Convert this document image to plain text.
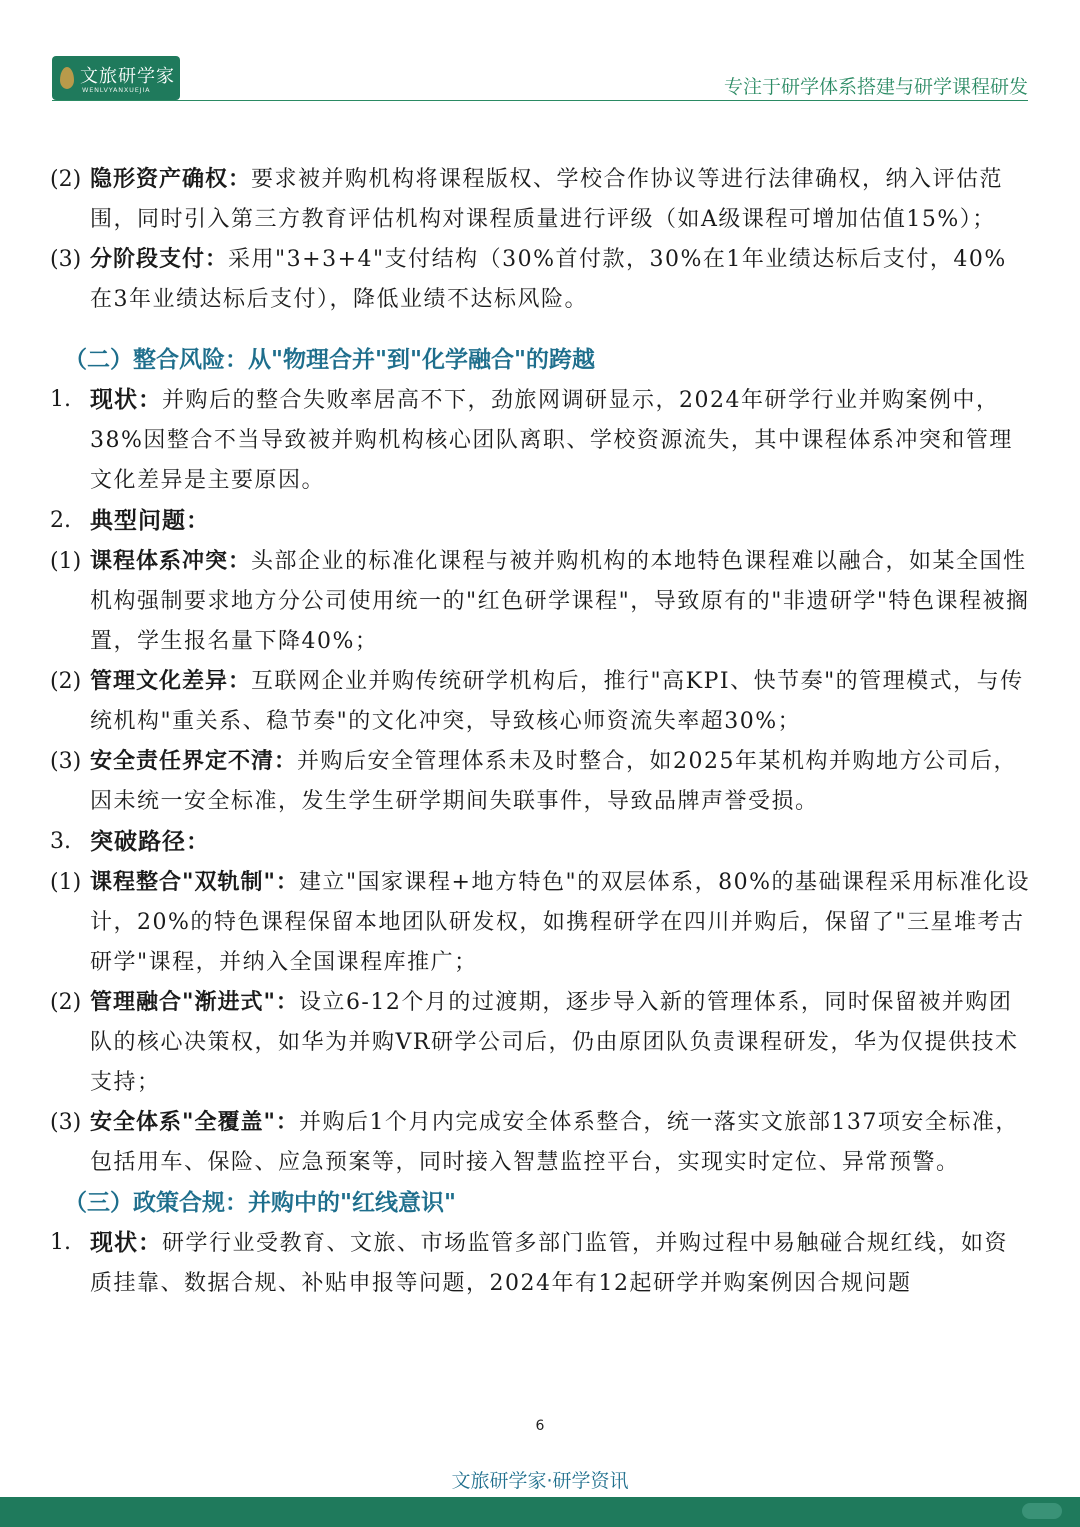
文旅研学家
WENLVYANXUEJIA	专注于研学体系搭建与研学课程研发
(2) 隐形资产确权：要求被并购机构将课程版权、学校合作协议等进行法律确权，纳入评估范围，同时引入第三方教育评估机构对课程质量进行评级（如A级课程可增加估值15%）；
(3) 分阶段支付：采用"3+3+4"支付结构（30%首付款，30%在1年业绩达标后支付，40%在3年业绩达标后支付），降低业绩不达标风险。
（二）整合风险：从"物理合并"到"化学融合"的跨越
1. 现状：并购后的整合失败率居高不下，劲旅网调研显示，2024年研学行业并购案例中，38%因整合不当导致被并购机构核心团队离职、学校资源流失，其中课程体系冲突和管理文化差异是主要原因。
2. 典型问题：
(1) 课程体系冲突：头部企业的标准化课程与被并购机构的本地特色课程难以融合，如某全国性机构强制要求地方分公司使用统一的"红色研学课程"，导致原有的"非遗研学"特色课程被搁置，学生报名量下降40%；
(2) 管理文化差异：互联网企业并购传统研学机构后，推行"高KPI、快节奏"的管理模式，与传统机构"重关系、稳节奏"的文化冲突，导致核心师资流失率超30%；
(3) 安全责任界定不清：并购后安全管理体系未及时整合，如2025年某机构并购地方公司后，因未统一安全标准，发生学生研学期间失联事件，导致品牌声誉受损。
3. 突破路径：
(1) 课程整合"双轨制"：建立"国家课程+地方特色"的双层体系，80%的基础课程采用标准化设计，20%的特色课程保留本地团队研发权，如携程研学在四川并购后，保留了"三星堆考古研学"课程，并纳入全国课程库推广；
(2) 管理融合"渐进式"：设立6-12个月的过渡期，逐步导入新的管理体系，同时保留被并购团队的核心决策权，如华为并购VR研学公司后，仍由原团队负责课程研发，华为仅提供技术支持；
(3) 安全体系"全覆盖"：并购后1个月内完成安全体系整合，统一落实文旅部137项安全标准，包括用车、保险、应急预案等，同时接入智慧监控平台，实现实时定位、异常预警。
（三）政策合规：并购中的"红线意识"
1. 现状：研学行业受教育、文旅、市场监管多部门监管，并购过程中易触碰合规红线，如资质挂靠、数据合规、补贴申报等问题，2024年有12起研学并购案例因合规问题
6
文旅研学家·研学资讯
